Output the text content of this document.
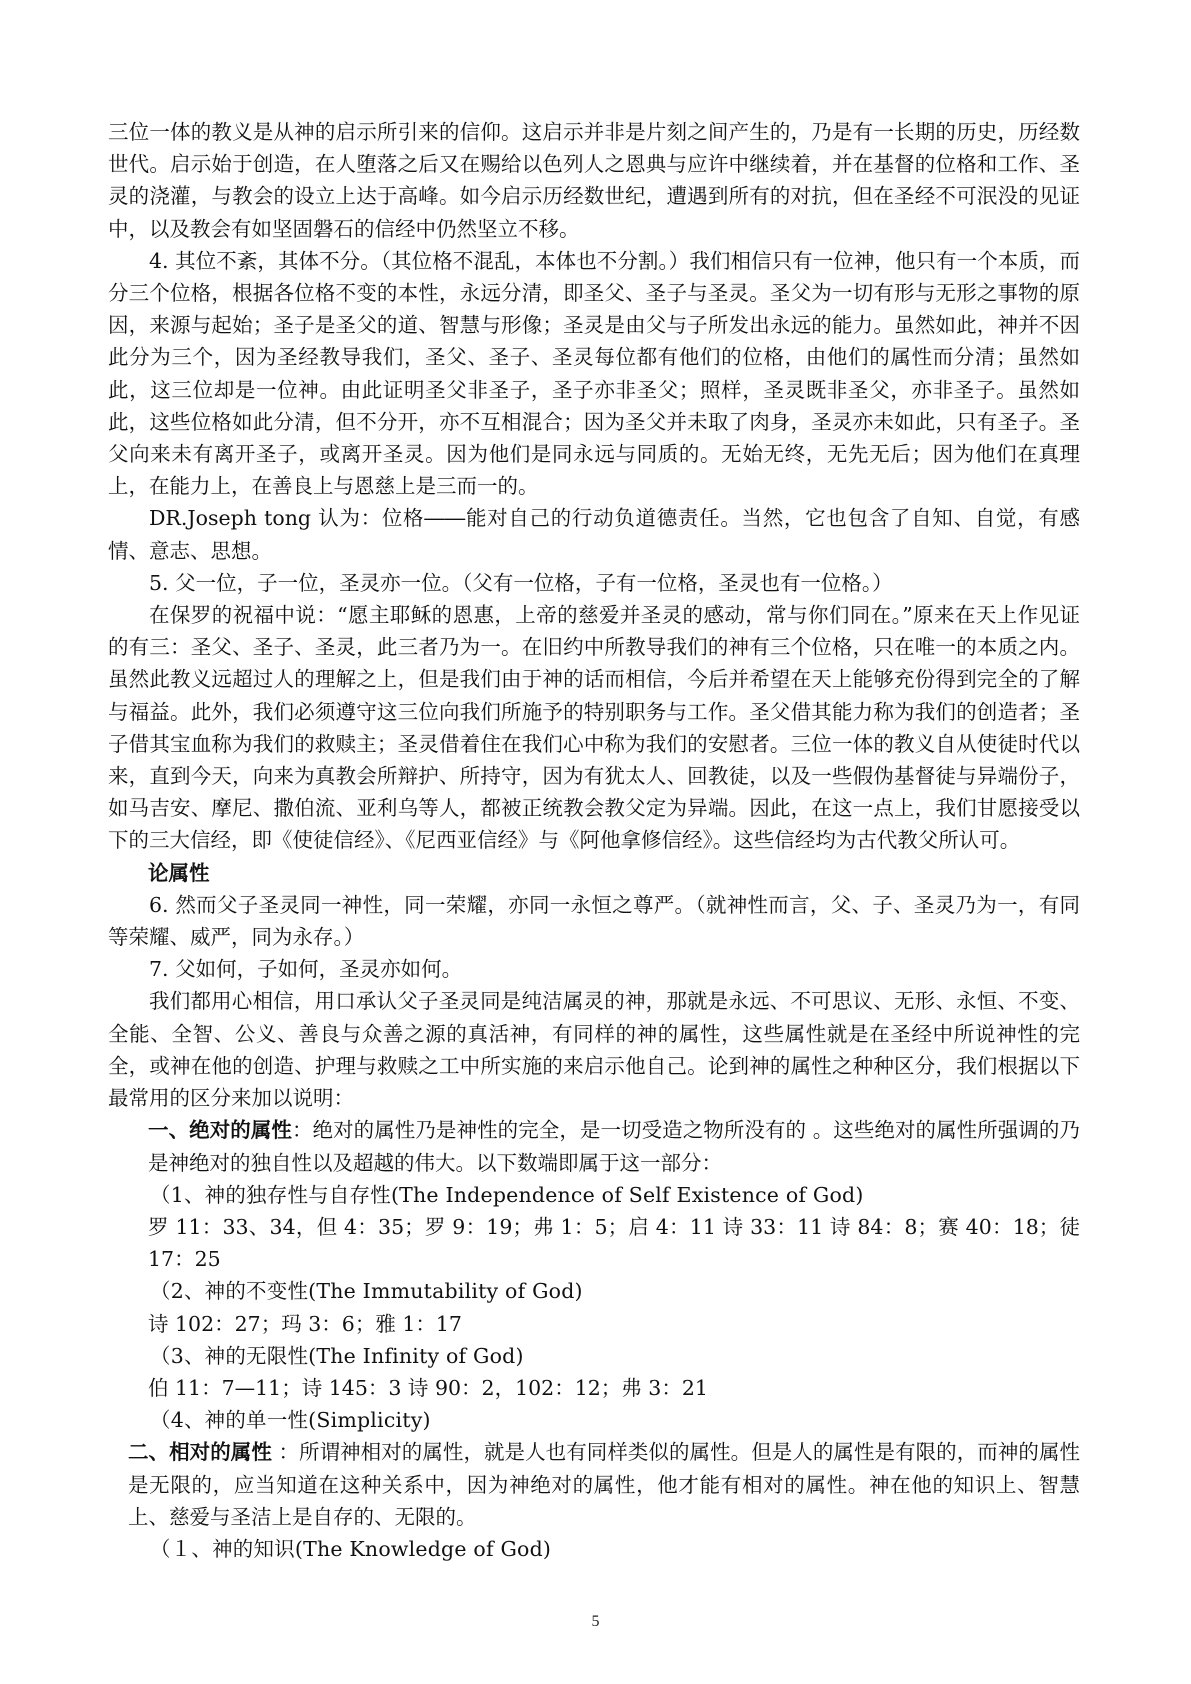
三位一体的教义是从神的启示所引来的信仰。这启示并非是片刻之间产生的，乃是有一长期的历史，历经数世代。启示始于创造，在人堕落之后又在赐给以色列人之恩典与应许中继续着，并在基督的位格和工作、圣灵的浇灌，与教会的设立上达于高峰。如今启示历经数世纪，遭遇到所有的对抗，但在圣经不可泯没的见证中，以及教会有如坚固磐石的信经中仍然坚立不移。

4. 其位不紊，其体不分。（其位格不混乱，本体也不分割。）我们相信只有一位神，他只有一个本质，而分三个位格，根据各位格不变的本性，永远分清，即圣父、圣子与圣灵。圣父为一切有形与无形之事物的原因，来源与起始；圣子是圣父的道、智慧与形像；圣灵是由父与子所发出永远的能力。虽然如此，神并不因此分为三个，因为圣经教导我们，圣父、圣子、圣灵每位都有他们的位格，由他们的属性而分清；虽然如此，这三位却是一位神。由此证明圣父非圣子，圣子亦非圣父；照样，圣灵既非圣父，亦非圣子。虽然如此，这些位格如此分清，但不分开，亦不互相混合；因为圣父并未取了肉身，圣灵亦未如此，只有圣子。圣父向来未有离开圣子，或离开圣灵。因为他们是同永远与同质的。无始无终，无先无后；因为他们在真理上，在能力上，在善良上与恩慈上是三而一的。

DR.Joseph tong 认为：位格――能对自己的行动负道德责任。当然，它也包含了自知、自觉，有感情、意志、思想。

5. 父一位，子一位，圣灵亦一位。（父有一位格，子有一位格，圣灵也有一位格。）

在保罗的祝福中说：“愿主耶稣的恩惠，上帝的慈爱并圣灵的感动，常与你们同在。”原来在天上作见证的有三：圣父、圣子、圣灵，此三者乃为一。在旧约中所教导我们的神有三个位格，只在唯一的本质之内。虽然此教义远超过人的理解之上，但是我们由于神的话而相信，今后并希望在天上能够充份得到完全的了解与福益。此外，我们必须遵守这三位向我们所施予的特别职务与工作。圣父借其能力称为我们的创造者；圣子借其宝血称为我们的救赎主；圣灵借着住在我们心中称为我们的安慰者。三位一体的教义自从使徒时代以来，直到今天，向来为真教会所辩护、所持守，因为有犹太人、回教徒，以及一些假伪基督徒与异端份子，如马吉安、摩尼、撒伯流、亚利乌等人，都被正统教会教父定为异端。因此，在这一点上，我们甘愿接受以下的三大信经，即《使徒信经》、《尼西亚信经》与《阿他拿修信经》。这些信经均为古代教父所认可。

论属性

6. 然而父子圣灵同一神性，同一荣耀，亦同一永恒之尊严。（就神性而言，父、子、圣灵乃为一，有同等荣耀、威严，同为永存。）

7. 父如何，子如何，圣灵亦如何。

我们都用心相信，用口承认父子圣灵同是纯洁属灵的神，那就是永远、不可思议、无形、永恒、不变、全能、全智、公义、善良与众善之源的真活神，有同样的神的属性，这些属性就是在圣经中所说神性的完全，或神在他的创造、护理与救赎之工中所实施的来启示他自己。论到神的属性之种种区分，我们根据以下最常用的区分来加以说明：

一、绝对的属性：绝对的属性乃是神性的完全，是一切受造之物所没有的 。这些绝对的属性所强调的乃是神绝对的独自性以及超越的伟大。以下数端即属于这一部分：

（1、神的独存性与自存性(The Independence of Self Existence of God)

罗 11：33、34，但 4：35；罗 9：19；弗 1：5；启 4：11 诗 33：11 诗 84：8；赛 40：18；徒 17：25

（2、神的不变性(The Immutability of God)

诗 102：27；玛 3：6；雅 1：17

（3、神的无限性(The Infinity of God)

伯 11：7—11；诗 145：3 诗 90：2，102：12；弗 3：21

（4、神的单一性(Simplicity)

二、相对的属性 ：所谓神相对的属性，就是人也有同样类似的属性。但是人的属性是有限的，而神的属性是无限的，应当知道在这种关系中，因为神绝对的属性，他才能有相对的属性。神在他的知识上、智慧上、慈爱与圣洁上是自存的、无限的。

（１、神的知识(The Knowledge of God)

5
